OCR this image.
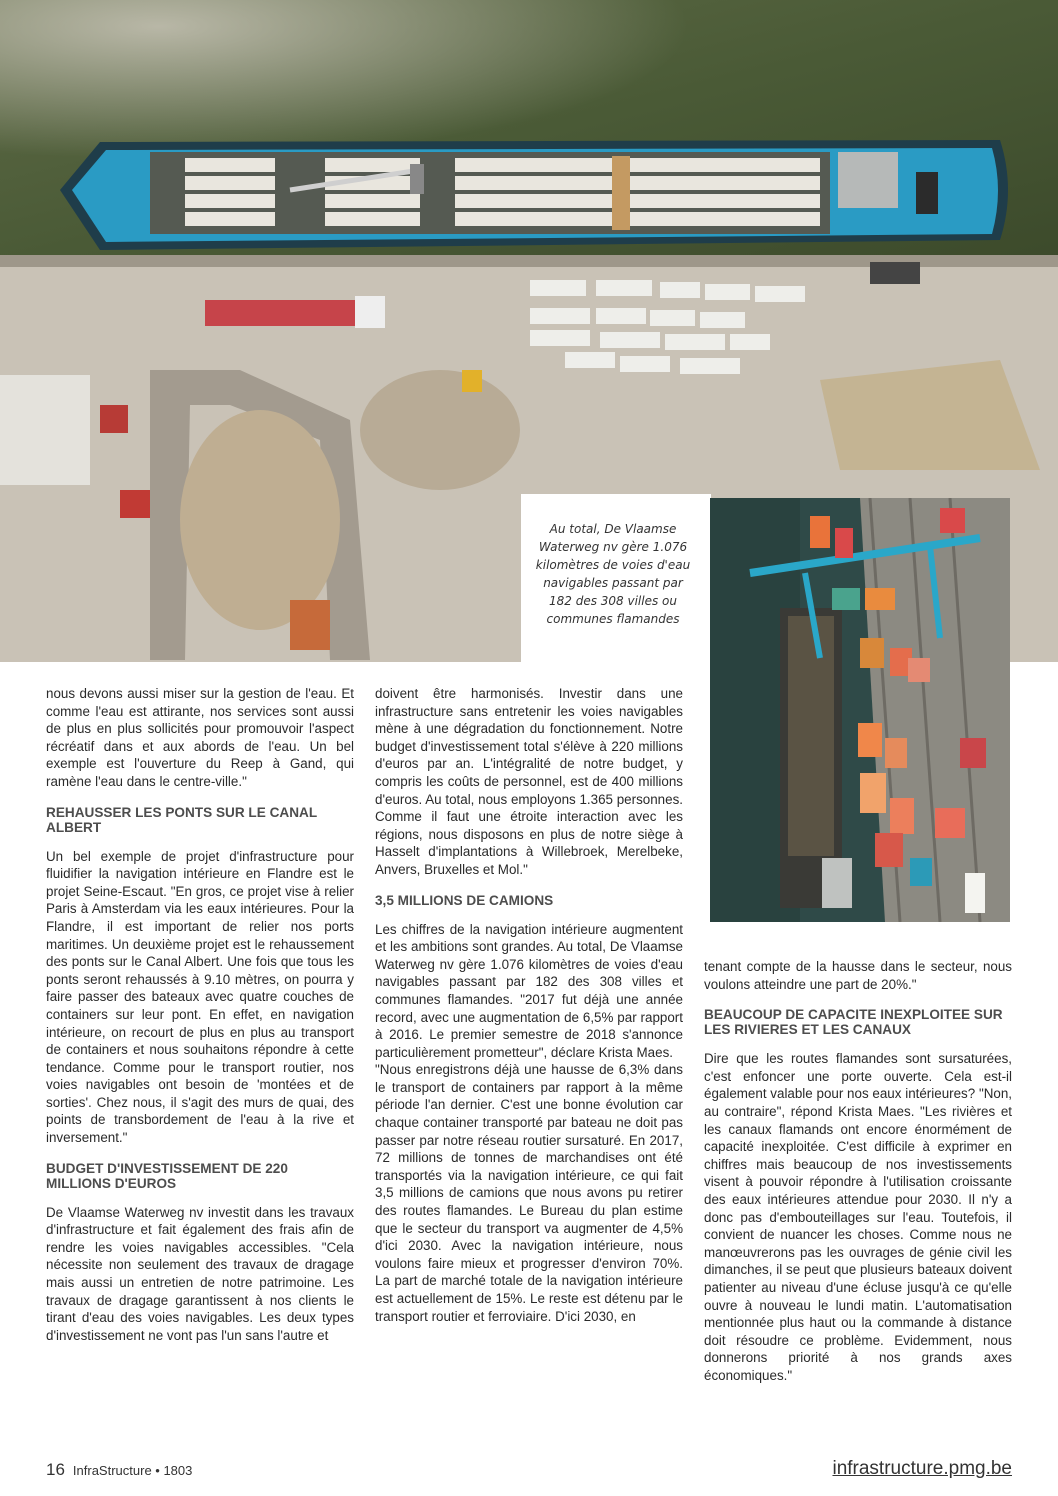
Au total, De Vlaamse Waterweg nv gère 1.076 kilomètres de voies d'eau navigables passant par 182 des 308 villes ou communes flamandes

nous devons aussi miser sur la gestion de l'eau. Et comme l'eau est attirante, nos services sont aussi de plus en plus sollicités pour promouvoir l'aspect récréatif dans et aux abords de l'eau. Un bel exemple est l'ouverture du Reep à Gand, qui ramène l'eau dans le centre-ville."

REHAUSSER LES PONTS SUR LE CANAL ALBERT

Un bel exemple de projet d'infrastructure pour fluidifier la navigation intérieure en Flandre est le projet Seine-Escaut. "En gros, ce projet vise à relier Paris à Amsterdam via les eaux intérieures. Pour la Flandre, il est important de relier nos ports maritimes. Un deuxième projet est le rehaussement des ponts sur le Canal Albert. Une fois que tous les ponts seront rehaussés à 9.10 mètres, on pourra y faire passer des bateaux avec quatre couches de containers sur leur pont. En effet, en navigation intérieure, on recourt de plus en plus au transport de containers et nous souhaitons répondre à cette tendance. Comme pour le transport routier, nos voies navigables ont besoin de 'montées et de sorties'. Chez nous, il s'agit des murs de quai, des points de transbordement de l'eau à la rive et inversement."

BUDGET D'INVESTISSEMENT DE 220 MILLIONS D'EUROS

De Vlaamse Waterweg nv investit dans les travaux d'infrastructure et fait également des frais afin de rendre les voies navigables accessibles. "Cela nécessite non seulement des travaux de dragage mais aussi un entretien de notre patrimoine. Les travaux de dragage garantissent à nos clients le tirant d'eau des voies navigables. Les deux types d'investissement ne vont pas l'un sans l'autre et

doivent être harmonisés. Investir dans une infrastructure sans entretenir les voies navigables mène à une dégradation du fonctionnement. Notre budget d'investissement total s'élève à 220 millions d'euros par an. L'intégralité de notre budget, y compris les coûts de personnel, est de 400 millions d'euros. Au total, nous employons 1.365 personnes. Comme il faut une étroite interaction avec les régions, nous disposons en plus de notre siège à Hasselt d'implantations à Willebroek, Merelbeke, Anvers, Bruxelles et Mol."

3,5 MILLIONS DE CAMIONS

Les chiffres de la navigation intérieure augmentent et les ambitions sont grandes. Au total, De Vlaamse Waterweg nv gère 1.076 kilomètres de voies d'eau navigables passant par 182 des 308 villes et communes flamandes. "2017 fut déjà une année record, avec une augmentation de 6,5% par rapport à 2016. Le premier semestre de 2018 s'annonce particulièrement prometteur", déclare Krista Maes.

"Nous enregistrons déjà une hausse de 6,3% dans le transport de containers par rapport à la même période l'an dernier. C'est une bonne évolution car chaque container transporté par bateau ne doit pas passer par notre réseau routier sursaturé. En 2017, 72 millions de tonnes de marchandises ont été transportés via la navigation intérieure, ce qui fait 3,5 millions de camions que nous avons pu retirer des routes flamandes. Le Bureau du plan estime que le secteur du transport va augmenter de 4,5% d'ici 2030. Avec la navigation intérieure, nous voulons faire mieux et progresser d'environ 70%. La part de marché totale de la navigation intérieure est actuellement de 15%. Le reste est détenu par le transport routier et ferroviaire. D'ici 2030, en

tenant compte de la hausse dans le secteur, nous voulons atteindre une part de 20%."

BEAUCOUP DE CAPACITE INEXPLOITEE SUR LES RIVIERES ET LES CANAUX

Dire que les routes flamandes sont sursaturées, c'est enfoncer une porte ouverte. Cela est-il également valable pour nos eaux intérieures? "Non, au contraire", répond Krista Maes. "Les rivières et les canaux flamands ont encore énormément de capacité inexploitée. C'est difficile à exprimer en chiffres mais beaucoup de nos investissements visent à pouvoir répondre à l'utilisation croissante des eaux intérieures attendue pour 2030. Il n'y a donc pas d'embouteillages sur l'eau. Toutefois, il convient de nuancer les choses. Comme nous ne manœuvrerons pas les ouvrages de génie civil les dimanches, il se peut que plusieurs bateaux doivent patienter au niveau d'une écluse jusqu'à ce qu'elle ouvre à nouveau le lundi matin. L'automatisation mentionnée plus haut ou la commande à distance doit résoudre ce problème. Evidemment, nous donnerons priorité à nos grands axes économiques."

16 InfraStructure • 1803	infrastructure.pmg.be
